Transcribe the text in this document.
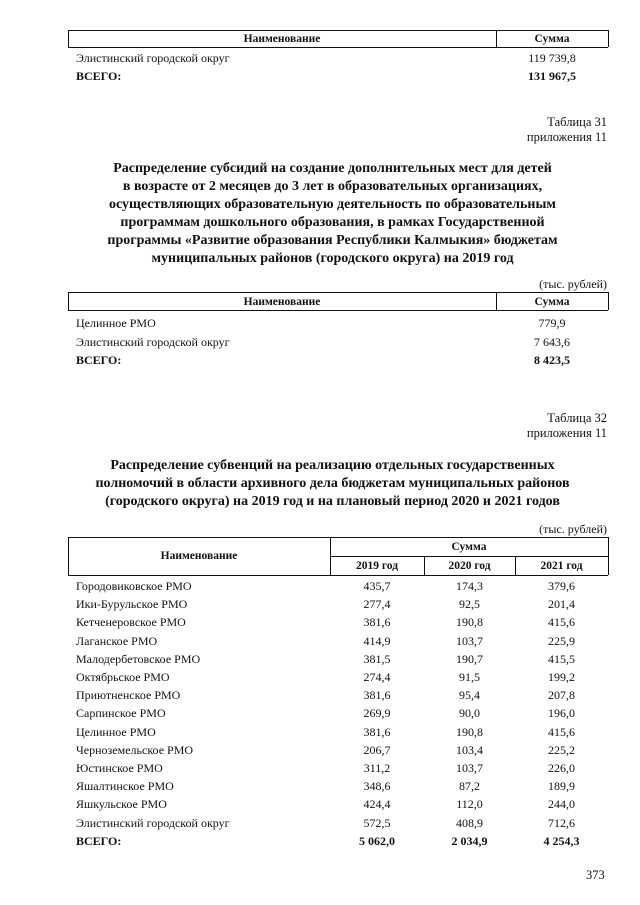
Наименование	Сумма
Элистинский городской округ	119 739,8
ВСЕГО:	131 967,5
Таблица 31
приложения 11
Распределение субсидий на создание дополнительных мест для детей
в возрасте от 2 месяцев до 3 лет в образовательных организациях,
осуществляющих образовательную деятельность по образовательным
программам дошкольного образования, в рамках Государственной
программы «Развитие образования Республики Калмыкия» бюджетам
муниципальных районов (городского округа) на 2019 год
(тыс. рублей)
Наименование	Сумма
Целинное РМО	779,9
Элистинский городской округ	7 643,6
ВСЕГО:	8 423,5
Таблица 32
приложения 11
Распределение субвенций на реализацию отдельных государственных
полномочий в области архивного дела бюджетам муниципальных районов
(городского округа) на 2019 год и на плановый период 2020 и 2021 годов
(тыс. рублей)
Наименование
Сумма
2019 год	2020 год	2021 год
Городовиковское РМО	435,7	174,3	379,6
Ики-Бурульское РМО	277,4	92,5	201,4
Кетченеровское РМО	381,6	190,8	415,6
Лаганское РМО	414,9	103,7	225,9
Малодербетовское РМО	381,5	190,7	415,5
Октябрьское РМО	274,4	91,5	199,2
Приютненское РМО	381,6	95,4	207,8
Сарпинское РМО	269,9	90,0	196,0
Целинное РМО	381,6	190,8	415,6
Черноземельское РМО	206,7	103,4	225,2
Юстинское РМО	311,2	103,7	226,0
Яшалтинское РМО	348,6	87,2	189,9
Яшкульское РМО	424,4	112,0	244,0
Элистинский городской округ	572,5	408,9	712,6
ВСЕГО:	5 062,0	2 034,9	4 254,3
373
